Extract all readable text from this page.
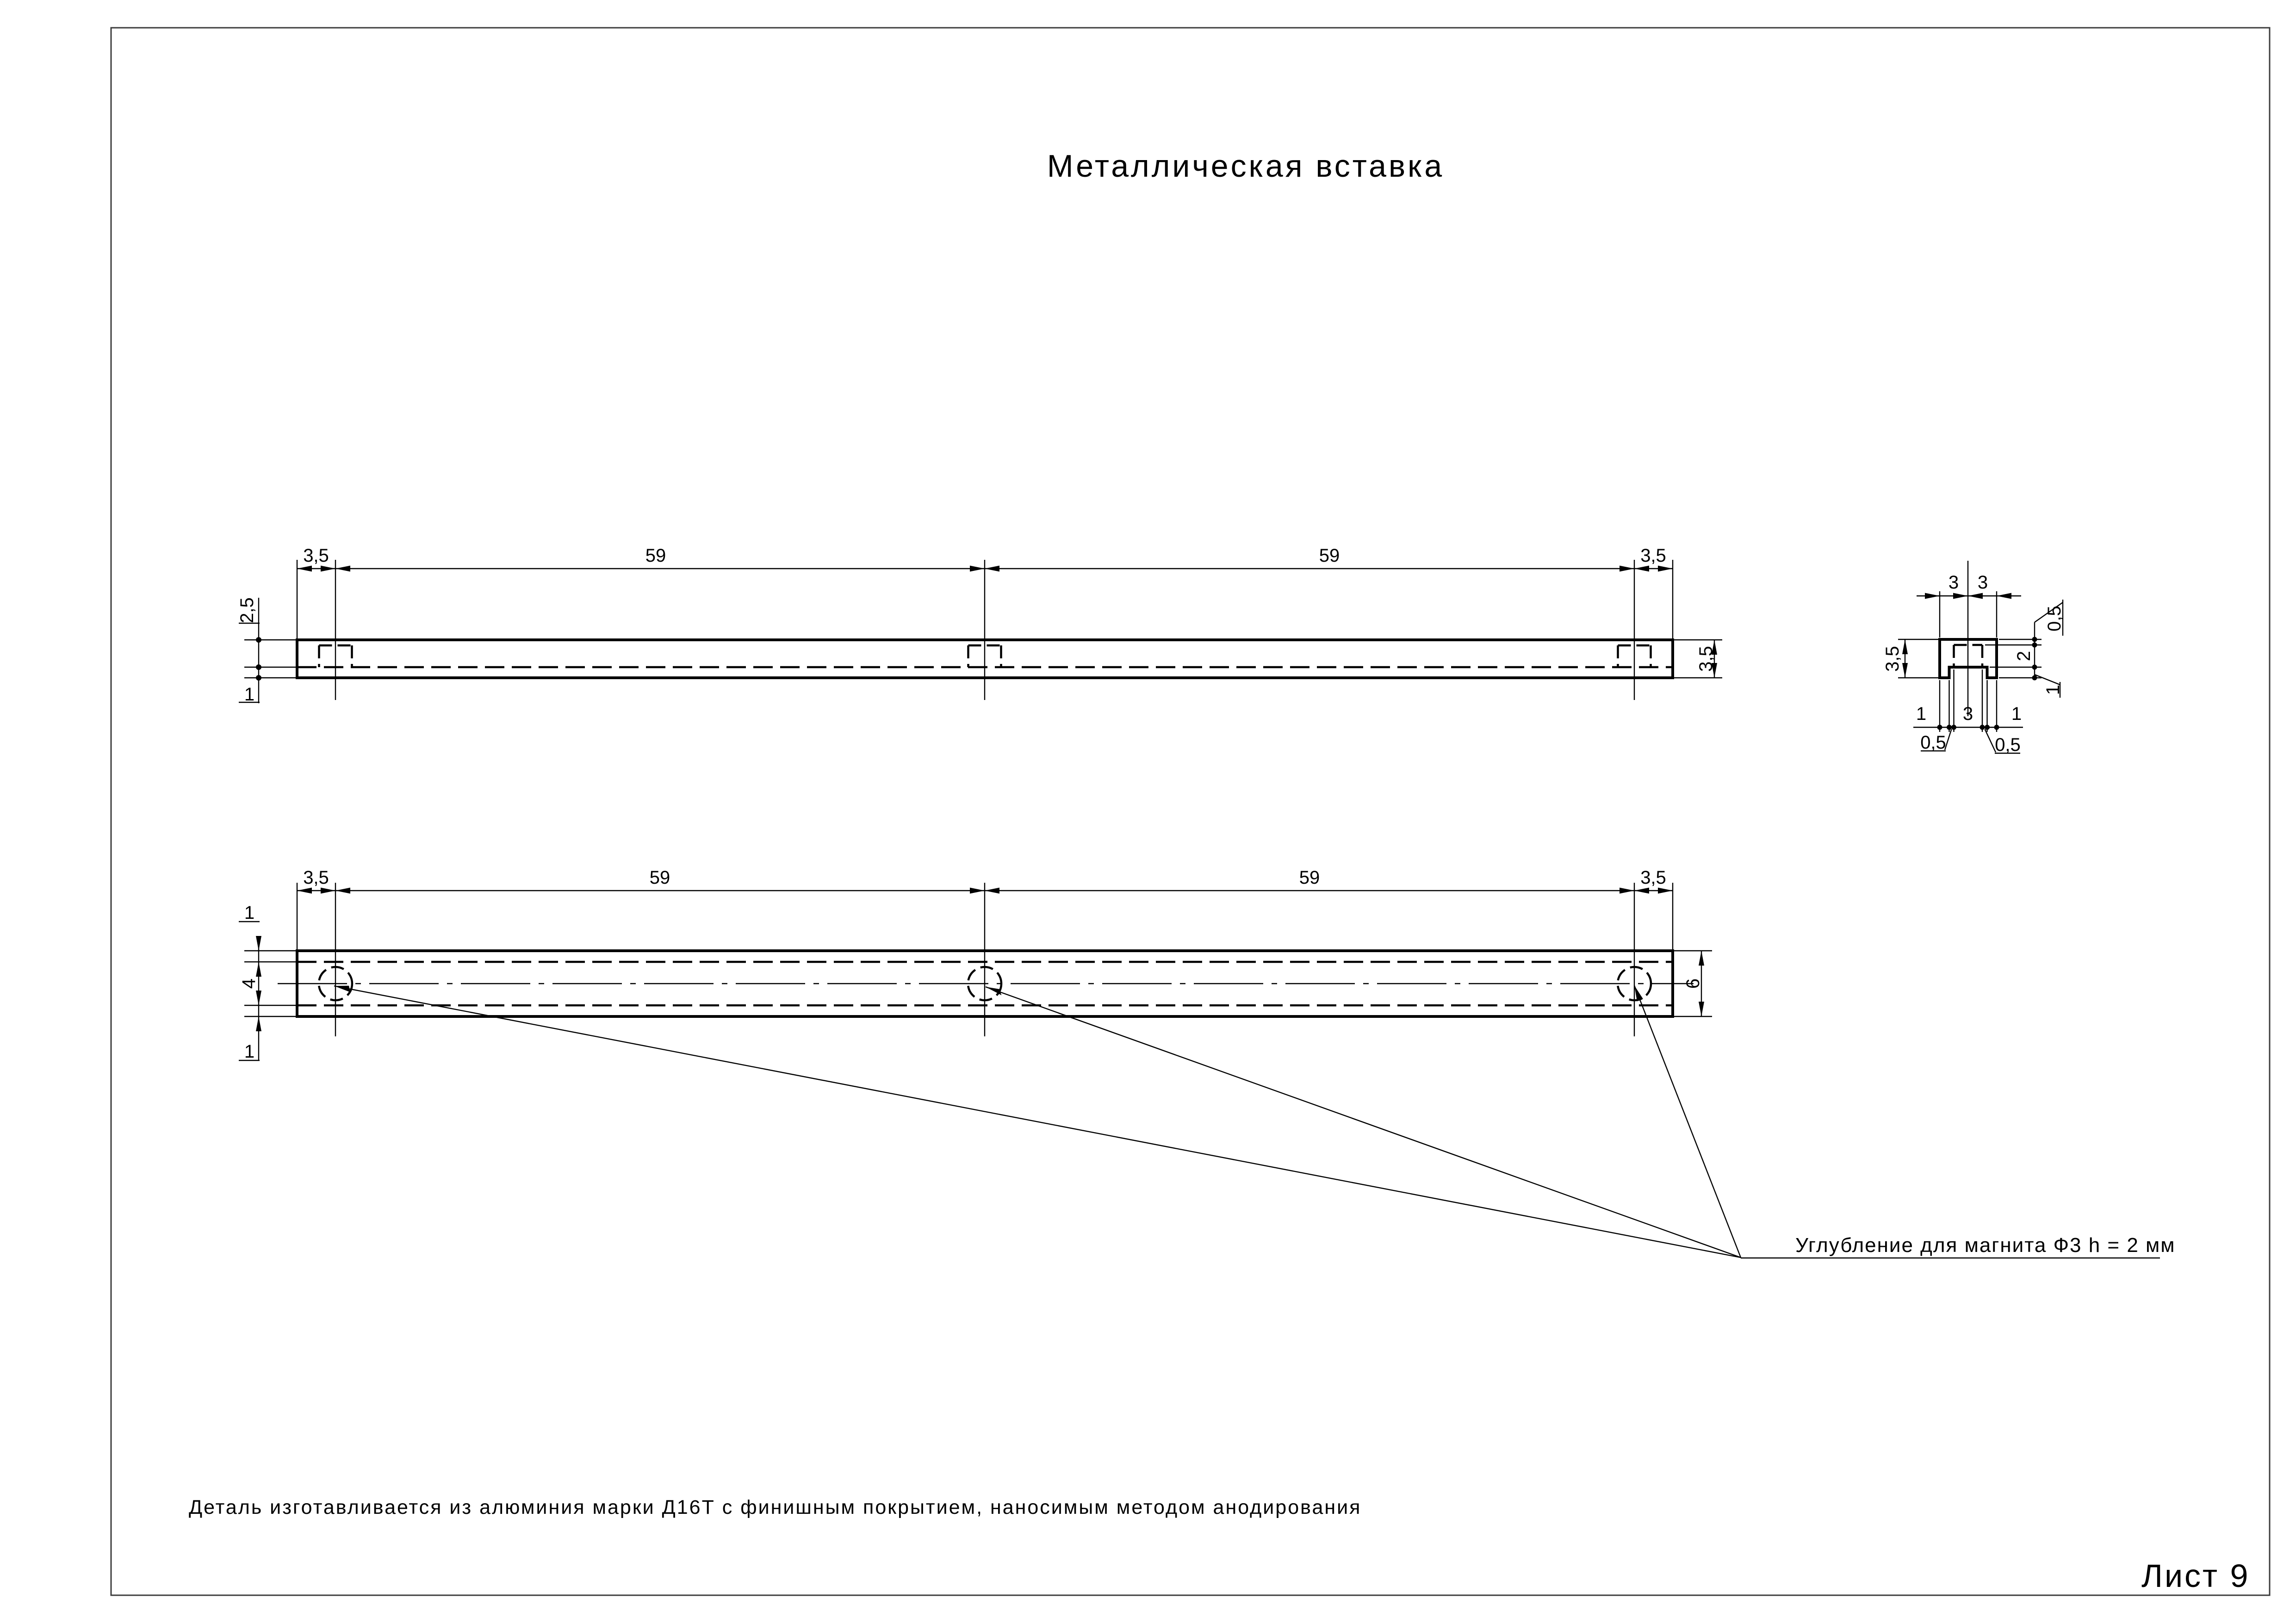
Металлическая вставка
3,5	59	59	3,5
2,5
1
3,5
3 3
0,5
2
1
3,5
1 3 1
0,5	0,5
3,5	59	59	3,5
1
4
1
6
Углубление для магнита Ф3 h = 2 мм
Деталь изготавливается из алюминия марки Д16Т с финишным покрытием, наносимым методом анодирования
Лист 9
